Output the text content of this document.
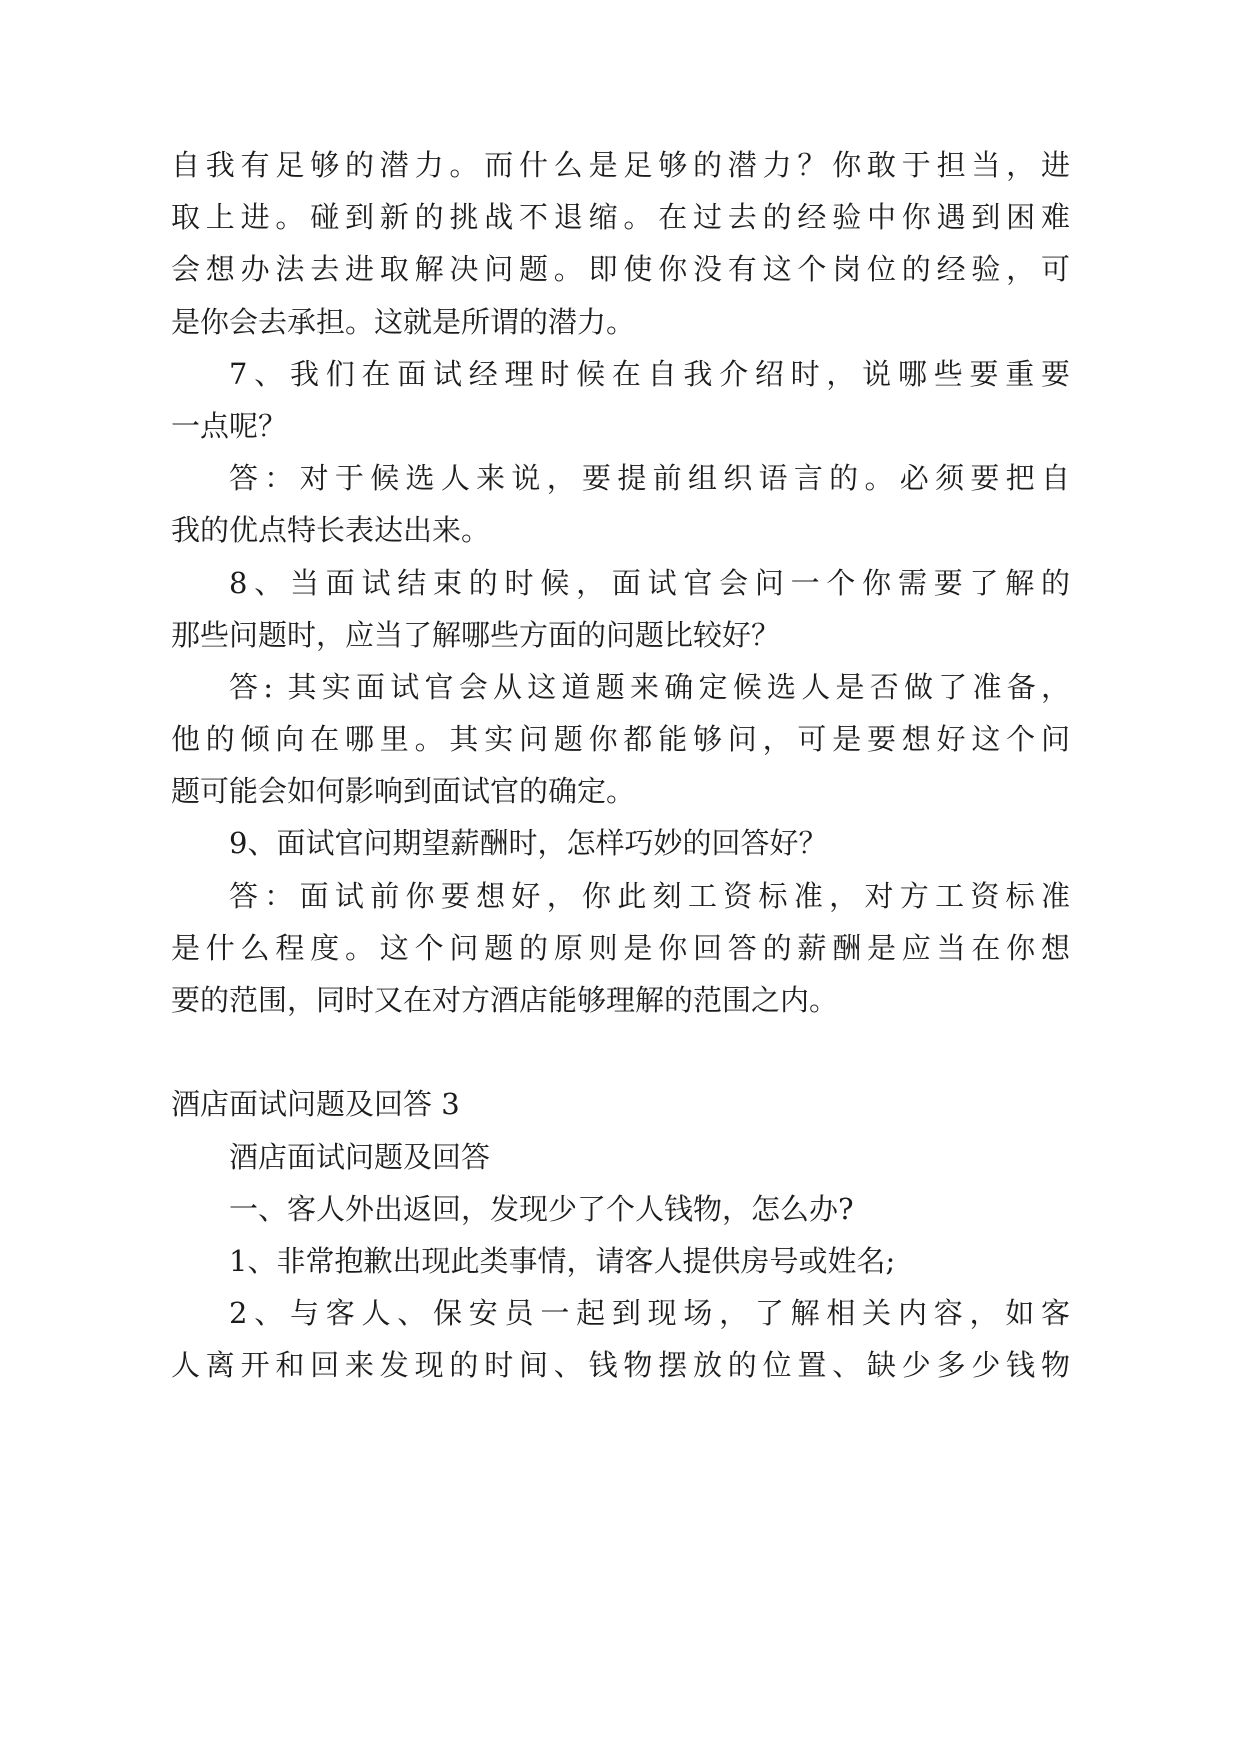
自我有足够的潜力。而什么是足够的潜力？你敢于担当，进
取上进。碰到新的挑战不退缩。在过去的经验中你遇到困难
会想办法去进取解决问题。即使你没有这个岗位的经验，可
是你会去承担。这就是所谓的潜力。
7、我们在面试经理时候在自我介绍时，说哪些要重要
一点呢？
答：对于候选人来说，要提前组织语言的。必须要把自
我的优点特长表达出来。
8、当面试结束的时候，面试官会问一个你需要了解的
那些问题时，应当了解哪些方面的问题比较好？
答: 其实面试官会从这道题来确定候选人是否做了准备，
他的倾向在哪里。其实问题你都能够问，可是要想好这个问
题可能会如何影响到面试官的确定。
9、面试官问期望薪酬时，怎样巧妙的回答好？
答：面试前你要想好，你此刻工资标准，对方工资标准
是什么程度。这个问题的原则是你回答的薪酬是应当在你想
要的范围，同时又在对方酒店能够理解的范围之内。
酒店面试问题及回答 3
酒店面试问题及回答
一、客人外出返回，发现少了个人钱物，怎么办?
1、非常抱歉出现此类事情，请客人提供房号或姓名;
2、与客人、保安员一起到现场，了解相关内容，如客
人离开和回来发现的时间、钱物摆放的位置、缺少多少钱物
